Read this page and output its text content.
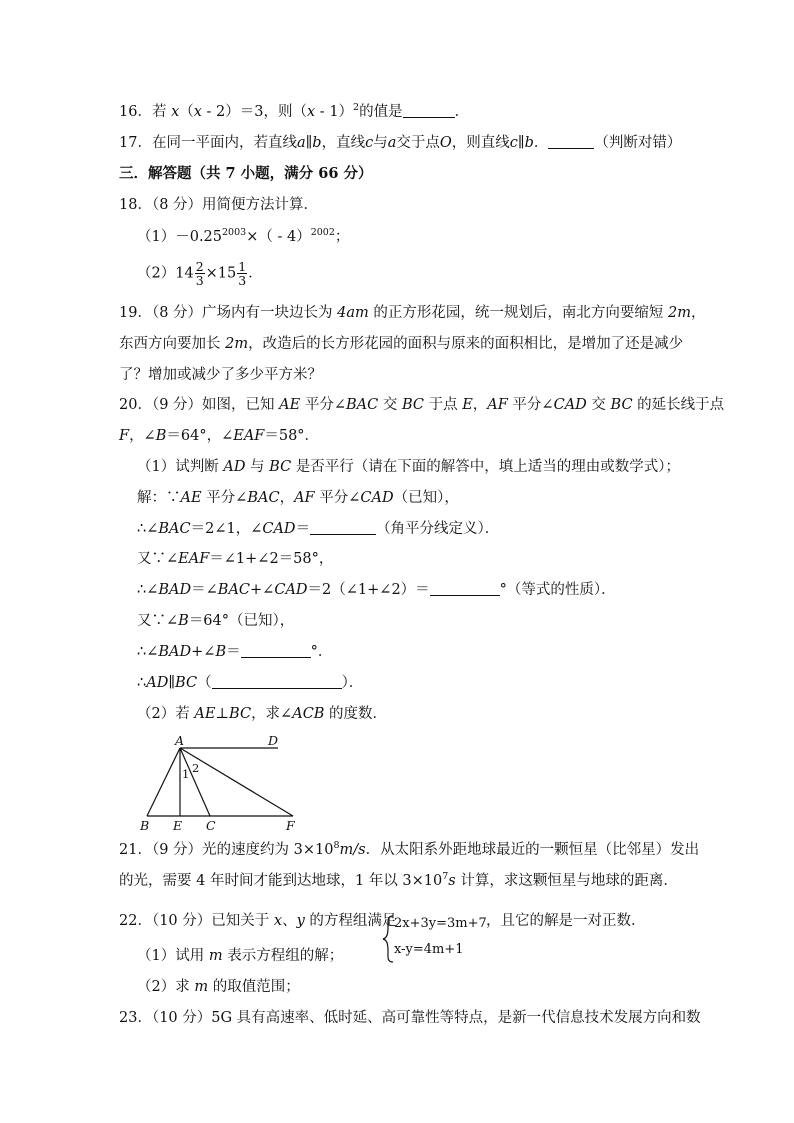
16．若 x（x - 2）＝3，则（x - 1）$^2$的值是	．
17．在同一平面内，若直线a∥b，直线c与a交于点O，则直线c∥b．	（判断对错）
三．解答题（共 7 小题，满分 66 分）
18．（8 分）用简便方法计算．
$(1)-0.25^{2003}\times( - 4)^{2002}$；
$(2)14 \frac{2}{3} \times 15 \frac{1}{3}$ ．
19．（8 分）广场内有一块边长为 4am 的正方形花园，统一规划后，南北方向要缩短 2m，
东西方向要加长 2m，改造后的长方形花园的面积与原来的面积相比，是增加了还是减少
了？增加或减少了多少平方米？
20．（9 分）如图，已知 AE 平分∠BAC 交 BC 于点 E，AF 平分∠CAD 交 BC 的延长线于点
F，∠B＝64°，∠EAF＝58°．
（1）试判断 AD 与 BC 是否平行（请在下面的解答中，填上适当的理由或数学式）；
解：∵AE 平分∠BAC，AF 平分∠CAD（已知），
∴∠BAC＝2∠1，∠CAD＝	（角平分线定义）．
又∵∠EAF＝∠1+∠2＝58°，
∴∠BAD＝∠BAC+∠CAD＝2（∠1+∠2）＝	°（等式的性质）．
又∵∠B＝64°（已知），
∴∠BAD+∠B＝	°．
∴AD∥BC（	）．
（2）若 AE⊥BC，求∠ACB 的度数．
A	D
B E C	F
1 2
21．（9 分）光的速度约为 $3\times 10^8m/s$．从太阳系外距地球最近的一颗恒星（比邻星）发出
的光，需要 4 年时间才能到达地球，1 年以 $3\times 10^7s$ 计算，求这颗恒星与地球的距离．
22．（10 分）已知关于 x、y 的方程组满足
2x+3y=3m+7
x-y=4m+1
，且它的解是一对正数．
（1）试用 m 表示方程组的解；
（2）求 m 的取值范围；
23．（10 分）5G 具有高速率、低时延、高可靠性等特点，是新一代信息技术发展方向和数
